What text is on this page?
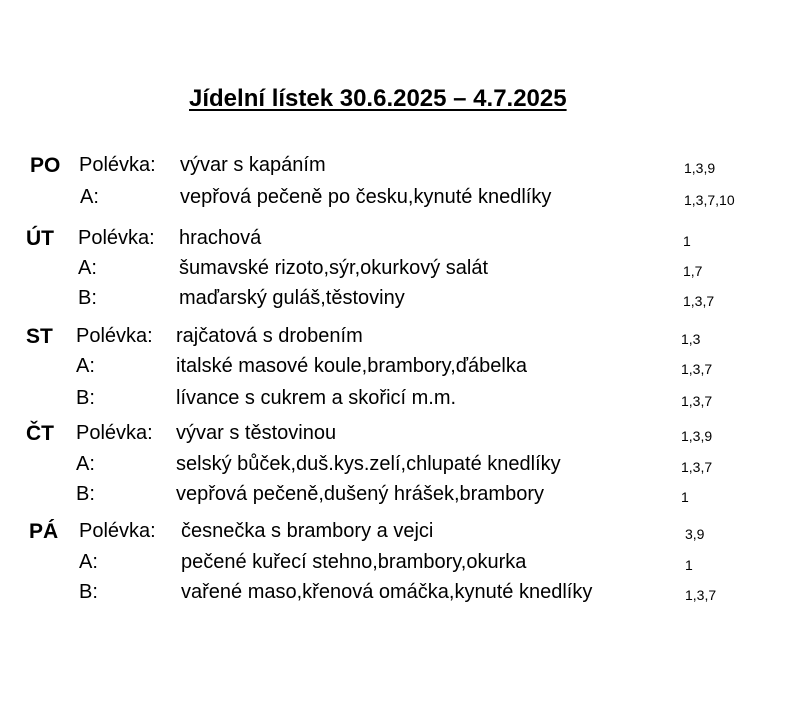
Jídelní lístek 30.6.2025 – 4.7.2025
PO Polévka: vývar s kapáním	1,3,9
A:	vepřová pečeně po česku,kynuté knedlíky	1,3,7,10
ÚT Polévka: hrachová	1
A:	šumavské rizoto,sýr,okurkový salát	1,7
B:	maďarský guláš,těstoviny	1,3,7
ST Polévka: rajčatová s drobením	1,3
A:	italské masové koule,brambory,ďábelka	1,3,7
B:	lívance s cukrem a skořicí m.m.	1,3,7
ČT Polévka: vývar s těstovinou	1,3,9
A:	selský bůček,duš.kys.zelí,chlupaté knedlíky	1,3,7
B:	vepřová pečeně,dušený hrášek,brambory	1
PÁ Polévka: česnečka s brambory a vejci	3,9
A:	pečené kuřecí stehno,brambory,okurka	1
B:	vařené maso,křenová omáčka,kynuté knedlíky	1,3,7
